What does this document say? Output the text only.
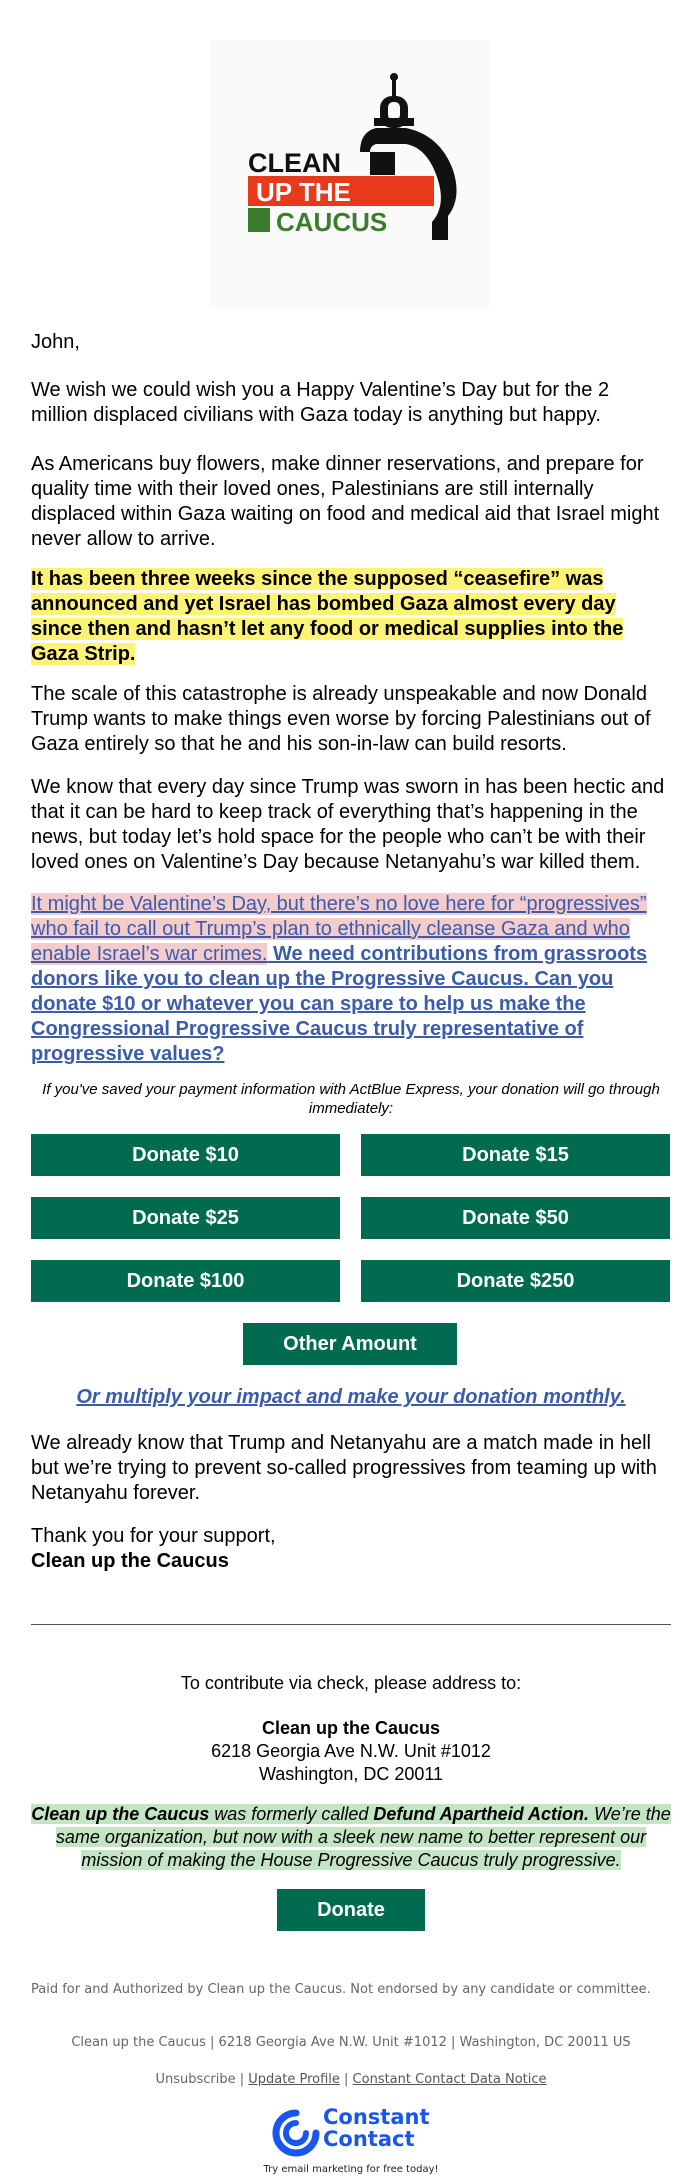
CLEAN
UP THE
CAUCUS

John,

We wish we could wish you a Happy Valentine’s Day but for the 2 million displaced civilians with Gaza today is anything but happy.

As Americans buy flowers, make dinner reservations, and prepare for quality time with their loved ones, Palestinians are still internally displaced within Gaza waiting on food and medical aid that Israel might never allow to arrive.

It has been three weeks since the supposed “ceasefire” was announced and yet Israel has bombed Gaza almost every day since then and hasn’t let any food or medical supplies into the Gaza Strip.

The scale of this catastrophe is already unspeakable and now Donald Trump wants to make things even worse by forcing Palestinians out of Gaza entirely so that he and his son-in-law can build resorts.

We know that every day since Trump was sworn in has been hectic and that it can be hard to keep track of everything that’s happening in the news, but today let’s hold space for the people who can’t be with their loved ones on Valentine’s Day because Netanyahu’s war killed them.

It might be Valentine’s Day, but there’s no love here for “progressives” who fail to call out Trump’s plan to ethnically cleanse Gaza and who enable Israel’s war crimes. We need contributions from grassroots donors like you to clean up the Progressive Caucus. Can you donate $10 or whatever you can spare to help us make the Congressional Progressive Caucus truly representative of progressive values?

If you've saved your payment information with ActBlue Express, your donation will go through immediately:

Donate $10	Donate $15
Donate $25	Donate $50
Donate $100	Donate $250
Other Amount

Or multiply your impact and make your donation monthly.

We already know that Trump and Netanyahu are a match made in hell but we’re trying to prevent so-called progressives from teaming up with Netanyahu forever.

Thank you for your support,

Clean up the Caucus

To contribute via check, please address to:

Clean up the Caucus

6218 Georgia Ave N.W. Unit #1012

Washington, DC 20011

Clean up the Caucus was formerly called Defund Apartheid Action. We’re the same organization, but now with a sleek new name to better represent our mission of making the House Progressive Caucus truly progressive.

Donate

Paid for and Authorized by Clean up the Caucus. Not endorsed by any candidate or committee.

Clean up the Caucus | 6218 Georgia Ave N.W. Unit #1012 | Washington, DC 20011 US

Unsubscribe | Update Profile | Constant Contact Data Notice

Constant
Contact

Try email marketing for free today!
